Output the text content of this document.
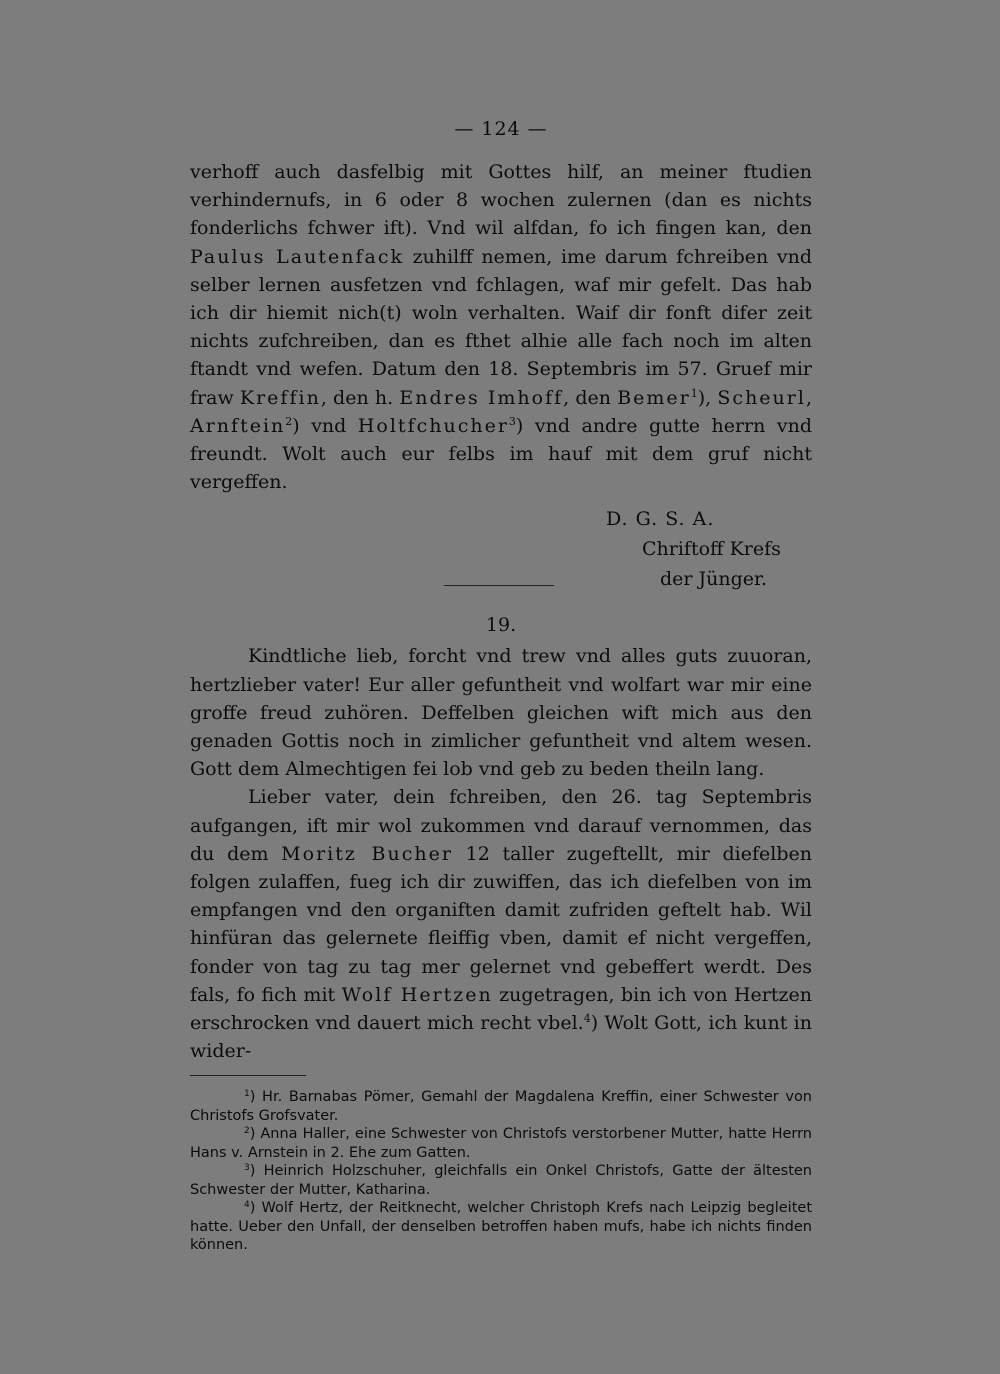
— 124 —

verhoff auch dasfelbig mit Gottes hilf, an meiner ftudien verhindernufs, in 6 oder 8 wochen zulernen (dan es nichts fonderlichs fchwer ift). Vnd wil alfdan, fo ich fingen kan, den Paulus Lautenfack zuhilff nemen, ime darum fchreiben vnd selber lernen ausfetzen vnd fchlagen, waf mir gefelt. Das hab ich dir hiemit nich(t) woln verhalten. Waif dir fonft difer zeit nichts zufchreiben, dan es fthet alhie alle fach noch im alten ftandt vnd wefen. Datum den 18. Septembris im 57. Gruef mir fraw Kreffin, den h. Endres Imhoff, den Bemer$^1$), Scheurl, Arnftein$^2$) vnd Holtfchucher$^3$) vnd andre gutte herrn vnd freundt. Wolt auch eur felbs im hauf mit dem gruf nicht vergeffen.

D. G. S. A.
Chriftoff Krefs
der Jünger.
19.

Kindtliche lieb, forcht vnd trew vnd alles guts zuuoran, hertzlieber vater! Eur aller gefuntheit vnd wolfart war mir eine groffe freud zuhören. Deffelben gleichen wift mich aus den genaden Gottis noch in zimlicher gefuntheit vnd altem wesen. Gott dem Almechtigen fei lob vnd geb zu beden theiln lang.

Lieber vater, dein fchreiben, den 26. tag Septembris aufgangen, ift mir wol zukommen vnd darauf vernommen, das du dem Moritz Bucher 12 taller zugeftellt, mir diefelben folgen zulaffen, fueg ich dir zuwiffen, das ich diefelben von im empfangen vnd den organiften damit zufriden geftelt hab. Wil hinfüran das gelernete fleiffig vben, damit ef nicht vergeffen, fonder von tag zu tag mer gelernet vnd gebeffert werdt. Des fals, fo fich mit Wolf Hertzen zugetragen, bin ich von Hertzen erschrocken vnd dauert mich recht vbel.$^4$) Wolt Gott, ich kunt in wider-

$^1$) Hr. Barnabas Pömer, Gemahl der Magdalena Kreffin, einer Schwester von Christofs Grofsvater.

$^2$) Anna Haller, eine Schwester von Christofs verstorbener Mutter, hatte Herrn Hans v. Arnstein in 2. Ehe zum Gatten.

$^3$) Heinrich Holzschuher, gleichfalls ein Onkel Christofs, Gatte der ältesten Schwester der Mutter, Katharina.

$^4$) Wolf Hertz, der Reitknecht, welcher Christoph Krefs nach Leipzig begleitet hatte. Ueber den Unfall, der denselben betroffen haben mufs, habe ich nichts finden können.
